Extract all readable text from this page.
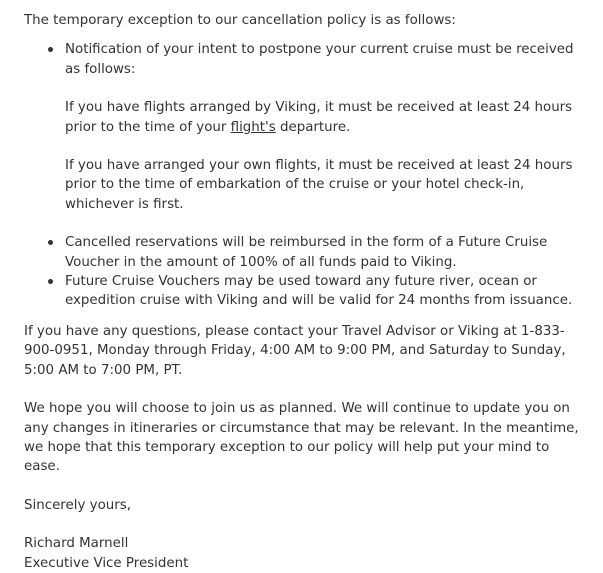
The temporary exception to our cancellation policy is as follows:

Notification of your intent to postpone your current cruise must be received as follows:

If you have flights arranged by Viking, it must be received at least 24 hours prior to the time of your flight's departure.

If you have arranged your own flights, it must be received at least 24 hours prior to the time of embarkation of the cruise or your hotel check-in, whichever is first.

Cancelled reservations will be reimbursed in the form of a Future Cruise Voucher in the amount of 100% of all funds paid to Viking.
Future Cruise Vouchers may be used toward any future river, ocean or expedition cruise with Viking and will be valid for 24 months from issuance.

If you have any questions, please contact your Travel Advisor or Viking at 1-833-900-0951, Monday through Friday, 4:00 AM to 9:00 PM, and Saturday to Sunday, 5:00 AM to 7:00 PM, PT.

We hope you will choose to join us as planned. We will continue to update you on any changes in itineraries or circumstance that may be relevant. In the meantime, we hope that this temporary exception to our policy will help put your mind to ease.

Sincerely yours,

Richard Marnell

Executive Vice President
